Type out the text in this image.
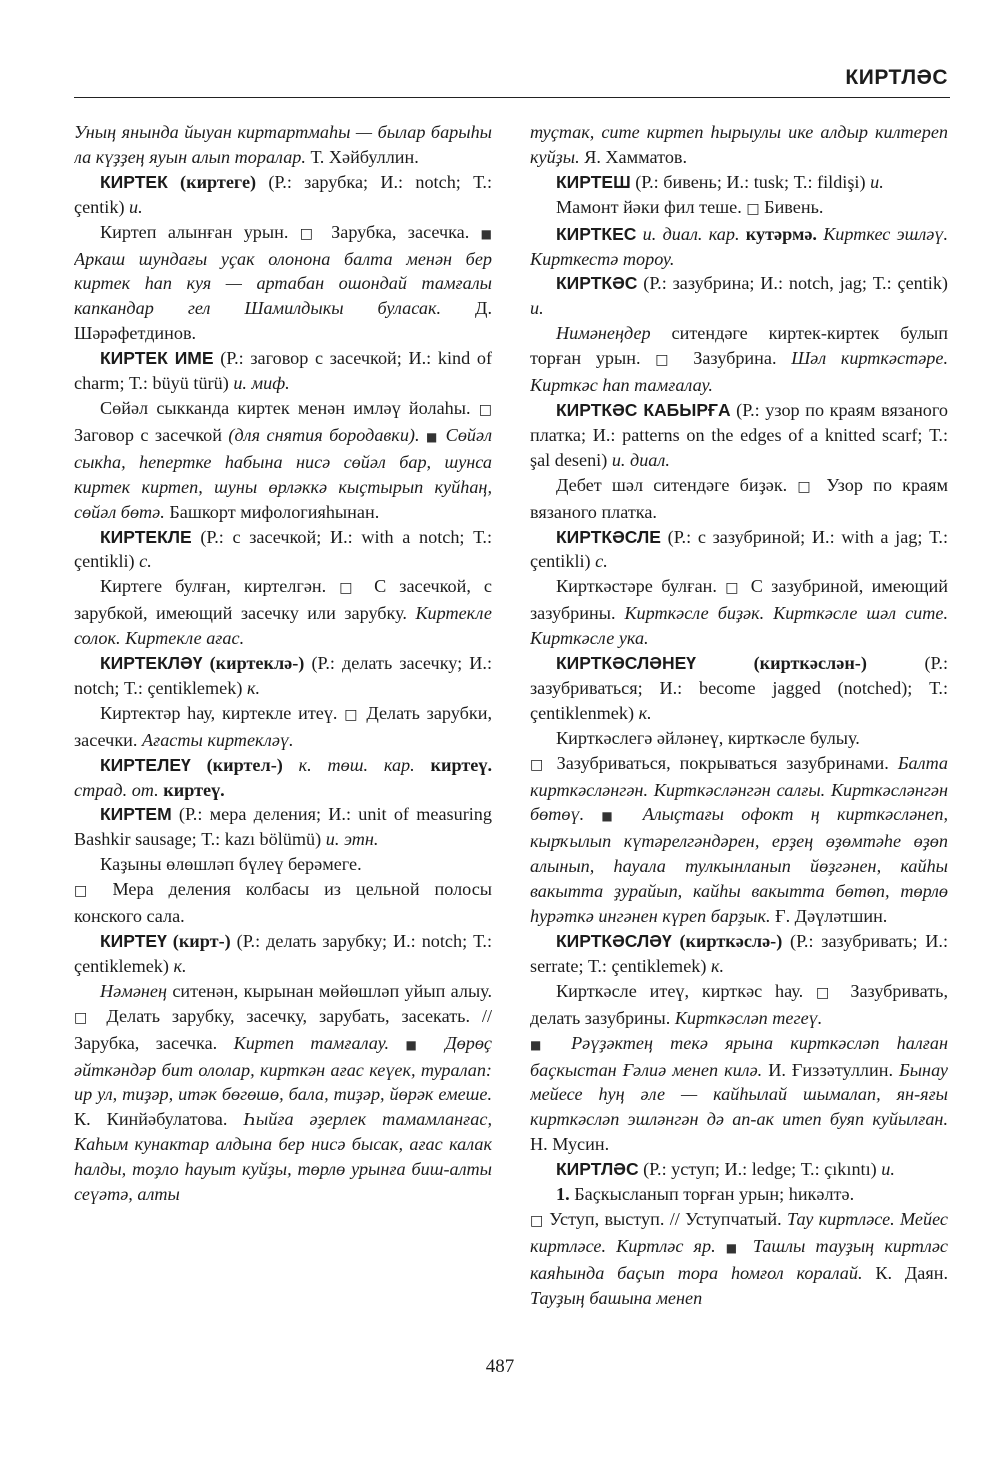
КИРТЛӘС

Уның янында йыуан киртартмаһы — былар барыһы ла күҙҙең яуын алып торалар. Т. Хәйбуллин.

КИРТЕК (киртеге) (Р.: зарубка; И.: notch; Т.: çentik) и.

Киртеп алынған урын. □ Зарубка, засечка. ■ Аркаш шундағы уҫак олонона балта менән бер киртек һап куя — артабан ошондай тамғалы капкандар гел Шамилдыкы буласак. Д. Шәрәфетдинов.

КИРТЕК ИМЕ (Р.: заговор с засечкой; И.: kind of charm; Т.: büyü türü) и. миф.

Сөйәл сыкканда киртек менән имләү йолаһы. □ Заговор с засечкой (для снятия бородавки). ■ Сөйәл сыкһа, һепертке һабына нисә сөйәл бар, шунса киртек киртеп, шуны өрләккә кыҫтырып куйһаң, сөйәл бөтә. Башкорт мифологияһынан.

КИРТЕКЛЕ (Р.: с засечкой; И.: with a notch; Т.: çentikli) с.

Киртеге булған, киртелгән. □ С засечкой, с зарубкой, имеющий засечку или зарубку. Киртекле солок. Киртекле ағас.

КИРТЕКЛӘҮ (киртеклә-) (Р.: делать засечку; И.: notch; Т.: çentiklemek) к.

Киртектәр һау, киртекле итеү. □ Делать зарубки, засечки. Ағасты киртекләү.

КИРТЕЛЕҮ (киртел-) к. төш. кар. киртеү. страд. от. киртеү.

КИРТЕМ (Р.: мера деления; И.: unit of measuring Bashkir sausage; Т.: kazı bölümü) и. этн.

Кaҙыны өлөшләп бүлеү берәмеге.

□ Мера деления колбасы из цельной полосы конского сала.

КИРТЕҮ (кирт-) (Р.: делать зарубку; И.: notch; Т.: çentiklemek) к.

Нәмәнең ситенән, кырынан мөйөшләп уйып алыу. □ Делать зарубку, засечку, зарубать, засекать. // Зарубка, засечка. Киртеп тамғалау. ■ Дөрөҫ әйткәндәр бит ололар, кирткән ағас кеүек, туралап: ир ул, тиҙәр, итәк бөгөшө, бала, тиҙәр, йөрәк емеше. К. Кинйәбулатова. Һыйға әҙерлек тамамланғас, Каһым кунактар алдына бер нисә бысак, ағас калак һалды, тоҙло һауыт куйҙы, төрлө урынға биш-алты сеүәтә, алты

туҫтак, сите киртеп һырыулы ике алдыр килтереп куйҙы. Я. Хамматов.

КИРТЕШ (Р.: бивень; И.: tusk; Т.: fildişi) и.

Мамонт йәки фил теше. □ Бивень.

КИРТКЕС и. диал. кар. кутәрмә. Кирткес эшләү. Кирткестә тороу.

КИРТКӘС (Р.: зазубрина; И.: notch, jag; Т.: çentik) и.

Нимәнеңдер ситендәге киртек-киртек булып торған урын. □ Зазубрина. Шәл кирткәстәре. Кирткәс һап тамғалау.

КИРТКӘС КАБЫРҒА (Р.: узор по краям вязаного платка; И.: patterns on the edges of a knitted scarf; Т.: şal deseni) и. диал.

Дебет шәл ситендәге биҙәк. □ Узор по краям вязаного платка.

КИРТКӘСЛЕ (Р.: с зазубриной; И.: with a jag; Т.: çentikli) с.

Кирткәстәре булған. □ С зазубриной, имеющий зазубрины. Кирткәсле биҙәк. Кирткәсле шәл сите. Кирткәсле ука.

КИРТКӘСЛӘНЕҮ (кирткәслән-) (Р.: зазубриваться; И.: become jagged (notched); Т.: çentiklenmek) к.

Кирткәслегә әйләнеү, кирткәсле булыу.

□ Зазубриваться, покрываться зазубринами. Балта кирткәсләнгән. Кирткәсләнгән салғы. Кирткәсләнгән бөтөү. ■ Алыҫтағы офокт ң кирткәсләнеп, кырҡылып күтәрелгәндәрен, ерҙең өҙөмтәһе өҙөп алынып, һауала тулкынланып йөҙгәнен, кайһы вакытта ҙурайып, кайһы вакытта бөтөп, төрлө һурәткә ингәнен күреп барҙык. Ғ. Дәүләтшин.

КИРТКӘСЛӘҮ (кирткәслә-) (Р.: зазубривать; И.: serrate; Т.: çentiklemek) к.

Кирткәсле итеү, кирткәс һау. □ Зазубривать, делать зазубрины. Кирткәсләп тегеү.

■ Рәүҙәктең текә ярына кирткәсләп һалған баҫкыстан Ғәлиә менеп килә. И. Ғиззәтуллин. Бынау мейесе һуң әле — кайһылай шымалап, ян-яғы кирткәсләп эшләнгән дә ап-ак итеп буяп куйылған. Н. Мусин.

КИРТЛӘС (Р.: уступ; И.: ledge; Т.: çıkıntı) и.

1. Баҫкысланып торған урын; һикәлтә.

□ Уступ, выступ. // Уступчатый. Тау киртләсе. Мейес киртләсе. Киртләс яр. ■ Ташлы тауҙың киртләс каяһында баҫып тора һомғол коралай. К. Даян. Тауҙың башына менеп

487
